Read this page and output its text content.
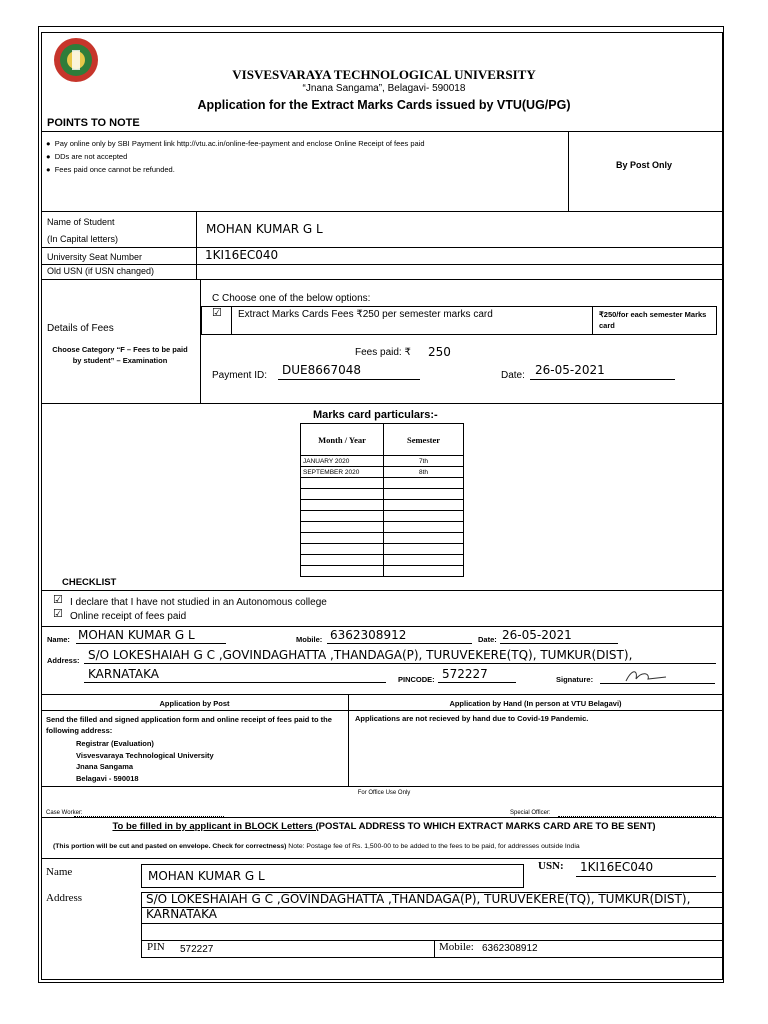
VISVESVARAYA TECHNOLOGICAL UNIVERSITY
“Jnana Sangama”, Belagavi- 590018
Application for the Extract Marks Cards issued by VTU(UG/PG)
POINTS TO NOTE
●  Pay online only by SBI Payment link http://vtu.ac.in/online-fee-payment and enclose Online Receipt of fees paid
●  DDs are not accepted
●  Fees paid once cannot be refunded.	By Post Only
Name of Student
(In Capital letters)
MOHAN KUMAR G L
University Seat Number	1KI16EC040
Old USN (if USN changed)
Details of Fees
Choose Category “F – Fees to be paid by student” – Examination
C Choose one of the below options:
☑ Extract Marks Cards Fees ₹250 per semester marks card	₹250/for each semester Marks card
Fees paid: ₹ 250
Payment ID: DUE8667048	Date: 26-05-2021
Marks card particulars:-
Month / Year	Semester
JANUARY 2020	7th
SEPTEMBER 2020	8th

CHECKLIST
☑ I declare that I have not studied in an Autonomous college
☑ Online receipt of fees paid
Name: MOHAN KUMAR G L	Mobile: 6362308912	Date: 26-05-2021
Address: S/O LOKESHAIAH G C ,GOVINDAGHATTA ,THANDAGA(P), TURUVEKERE(TQ), TUMKUR(DIST),
KARNATAKA	PINCODE: 572227	Signature:
Application by Post	Application by Hand (In person at VTU Belagavi)
Send the filled and signed application form and online receipt of fees paid to the following address:
Registrar (Evaluation)
Visvesvaraya Technological University
Jnana Sangama
Belagavi - 590018
Applications are not recieved by hand due to Covid-19 Pandemic.
For Office Use Only
Case Worker:	Special Officer:
To be filled in by applicant in BLOCK Letters (POSTAL ADDRESS TO WHICH EXTRACT MARKS CARD ARE TO BE SENT)
(This portion will be cut and pasted on envelope. Check for correctness) Note: Postage fee of Rs. 1,500-00 to be added to the fees to be paid, for addresses outside India
Name	MOHAN KUMAR G L
USN: 1KI16EC040
Address	S/O LOKESHAIAH G C ,GOVINDAGHATTA ,THANDAGA(P), TURUVEKERE(TQ), TUMKUR(DIST),
KARNATAKA
PIN 572227	Mobile: 6362308912
